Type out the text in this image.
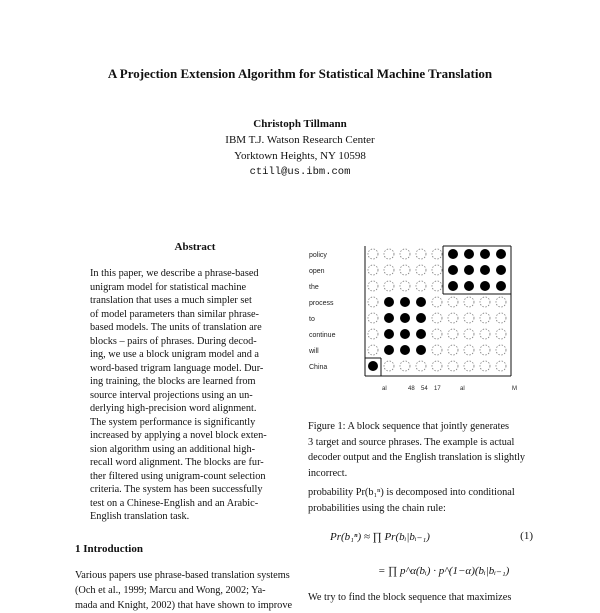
A Projection Extension Algorithm for Statistical Machine Translation
Christoph Tillmann
IBM T.J. Watson Research Center
Yorktown Heights, NY 10598
ctill@us.ibm.com
Abstract
In this paper, we describe a phrase-based
unigram model for statistical machine
translation that uses a much simpler set
of model parameters than similar phrase-
based models. The units of translation are
blocks – pairs of phrases. During decod-
ing, we use a block unigram model and a
word-based trigram language model. Dur-
ing training, the blocks are learned from
source interval projections using an un-
derlying high-precision word alignment.
The system performance is significantly
increased by applying a novel block exten-
sion algorithm using an additional high-
recall word alignment. The blocks are fur-
ther filtered using unigram-count selection
criteria. The system has been successfully
test on a Chinese-English and an Arabic-
English translation task.
1 Introduction
Various papers use phrase-based translation systems
(Och et al., 1999; Marcu and Wong, 2002; Ya-
mada and Knight, 2002) that have shown to improve
policy
open
the
process
to
continue
will
China
al	48 54 17	al	M
Figure 1: A block sequence that jointly generates
3 target and source phrases. The example is actual
decoder output and the English translation is slightly
incorrect.
probability Pr(b₁ⁿ) is decomposed into conditional
probabilities using the chain rule:
Pr(b₁ⁿ) ≈ ∏ Pr(bᵢ|bᵢ₋₁)	(1)
= ∏ p^α(bᵢ) · p^(1−α)(bᵢ|bᵢ₋₁)
We try to find the block sequence that maximizes
